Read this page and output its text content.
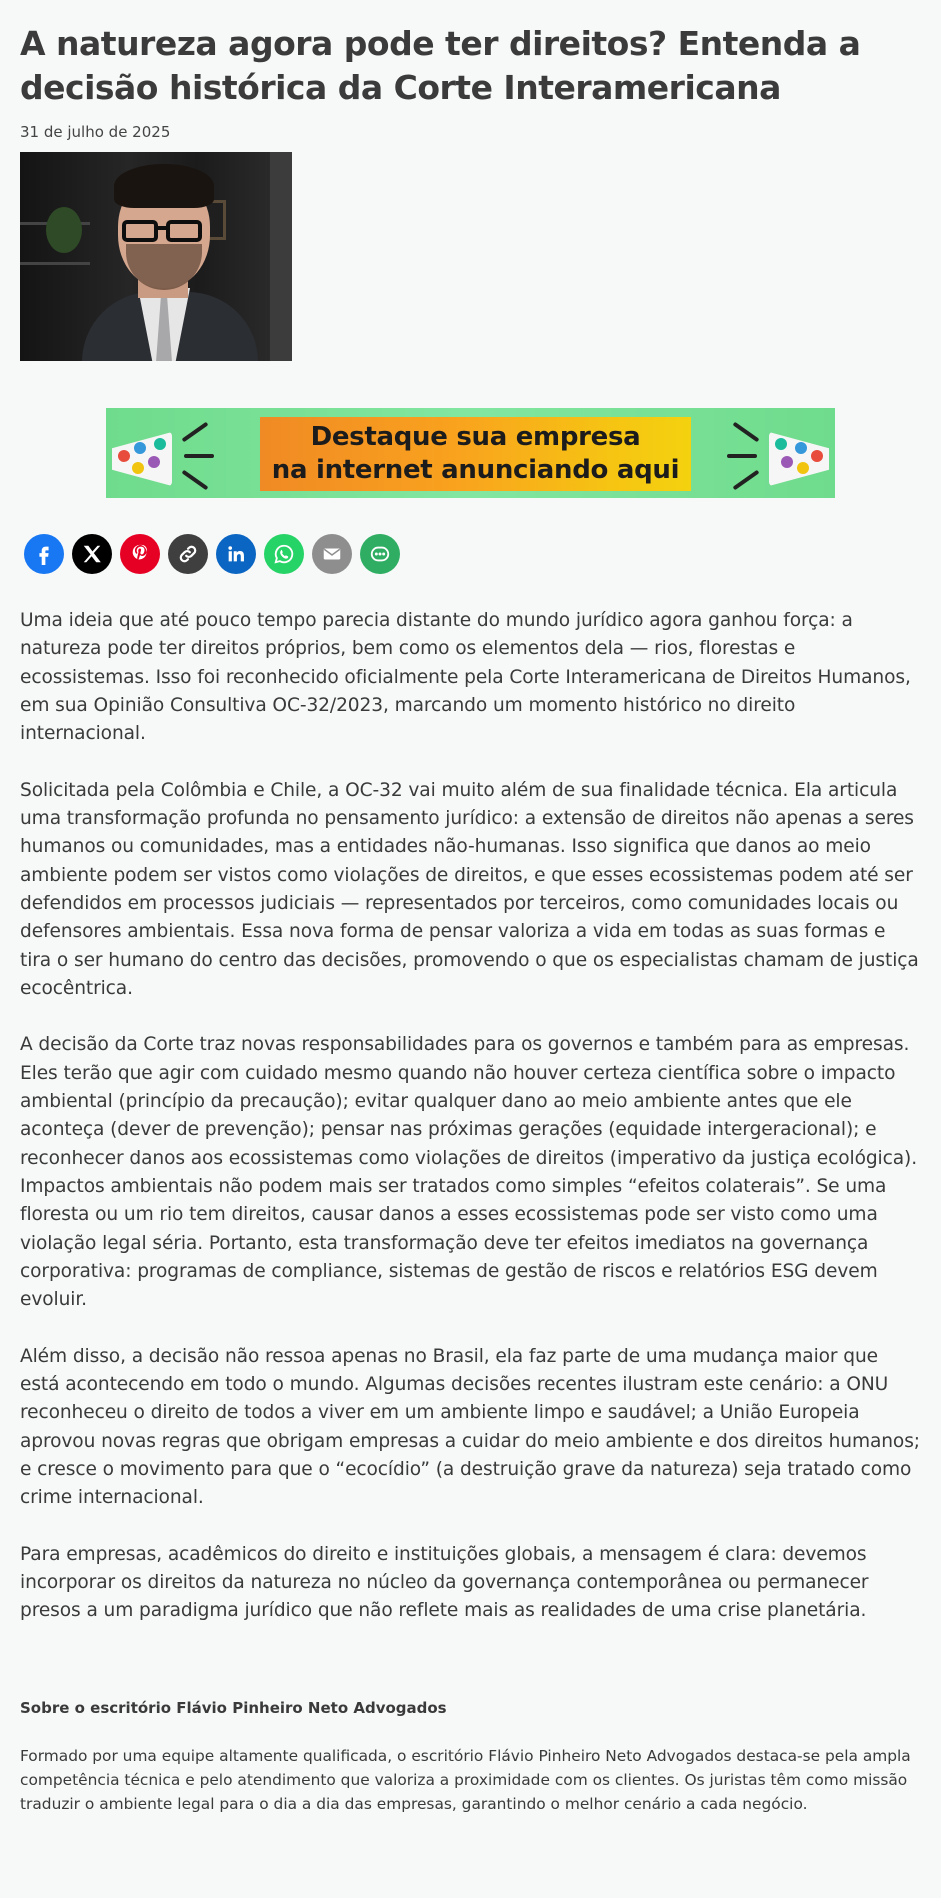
A natureza agora pode ter direitos? Entenda a decisão histórica da Corte Interamericana
31 de julho de 2025
Destaque sua empresa
na internet anunciando aqui

Uma ideia que até pouco tempo parecia distante do mundo jurídico agora ganhou força: a natureza pode ter direitos próprios, bem como os elementos dela — rios, florestas e ecossistemas. Isso foi reconhecido oficialmente pela Corte Interamericana de Direitos Humanos, em sua Opinião Consultiva OC-32/2023, marcando um momento histórico no direito internacional.

Solicitada pela Colômbia e Chile, a OC-32 vai muito além de sua finalidade técnica. Ela articula uma transformação profunda no pensamento jurídico: a extensão de direitos não apenas a seres humanos ou comunidades, mas a entidades não-humanas. Isso significa que danos ao meio ambiente podem ser vistos como violações de direitos, e que esses ecossistemas podem até ser defendidos em processos judiciais — representados por terceiros, como comunidades locais ou defensores ambientais. Essa nova forma de pensar valoriza a vida em todas as suas formas e tira o ser humano do centro das decisões, promovendo o que os especialistas chamam de justiça ecocêntrica.

A decisão da Corte traz novas responsabilidades para os governos e também para as empresas. Eles terão que agir com cuidado mesmo quando não houver certeza científica sobre o impacto ambiental (princípio da precaução); evitar qualquer dano ao meio ambiente antes que ele aconteça (dever de prevenção); pensar nas próximas gerações (equidade intergeracional); e reconhecer danos aos ecossistemas como violações de direitos (imperativo da justiça ecológica). Impactos ambientais não podem mais ser tratados como simples “efeitos colaterais”. Se uma floresta ou um rio tem direitos, causar danos a esses ecossistemas pode ser visto como uma violação legal séria. Portanto, esta transformação deve ter efeitos imediatos na governança corporativa: programas de compliance, sistemas de gestão de riscos e relatórios ESG devem evoluir.

Além disso, a decisão não ressoa apenas no Brasil, ela faz parte de uma mudança maior que está acontecendo em todo o mundo. Algumas decisões recentes ilustram este cenário: a ONU reconheceu o direito de todos a viver em um ambiente limpo e saudável; a União Europeia aprovou novas regras que obrigam empresas a cuidar do meio ambiente e dos direitos humanos; e cresce o movimento para que o “ecocídio” (a destruição grave da natureza) seja tratado como crime internacional.

Para empresas, acadêmicos do direito e instituições globais, a mensagem é clara: devemos incorporar os direitos da natureza no núcleo da governança contemporânea ou permanecer presos a um paradigma jurídico que não reflete mais as realidades de uma crise planetária.

Sobre o escritório Flávio Pinheiro Neto Advogados
Formado por uma equipe altamente qualificada, o escritório Flávio Pinheiro Neto Advogados destaca-se pela ampla competência técnica e pelo atendimento que valoriza a proximidade com os clientes. Os juristas têm como missão traduzir o ambiente legal para o dia a dia das empresas, garantindo o melhor cenário a cada negócio.
